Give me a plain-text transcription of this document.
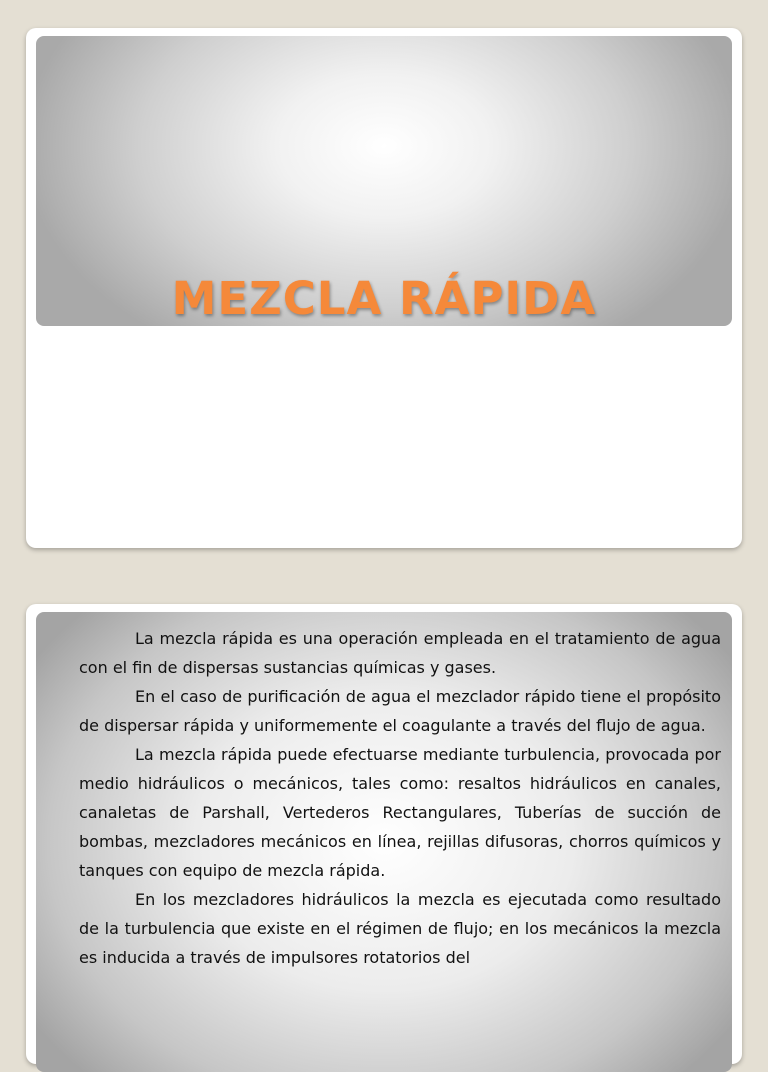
MEZCLA RÁPIDA

La mezcla rápida es una operación empleada en el tratamiento de agua con el fin de dispersas sustancias químicas y gases.

En el caso de purificación de agua el mezclador rápido tiene el propósito de dispersar rápida y uniformemente el coagulante a través del flujo de agua.

La mezcla rápida puede efectuarse mediante turbulencia, provocada por medio hidráulicos o mecánicos, tales como: resaltos hidráulicos en canales, canaletas de Parshall, Vertederos Rectangulares, Tuberías de succión de bombas, mezcladores mecánicos en línea, rejillas difusoras, chorros químicos y tanques con equipo de mezcla rápida.

En los mezcladores hidráulicos la mezcla es ejecutada como resultado de la turbulencia que existe en el régimen de flujo; en los mecánicos la mezcla es inducida a través de impulsores rotatorios del
